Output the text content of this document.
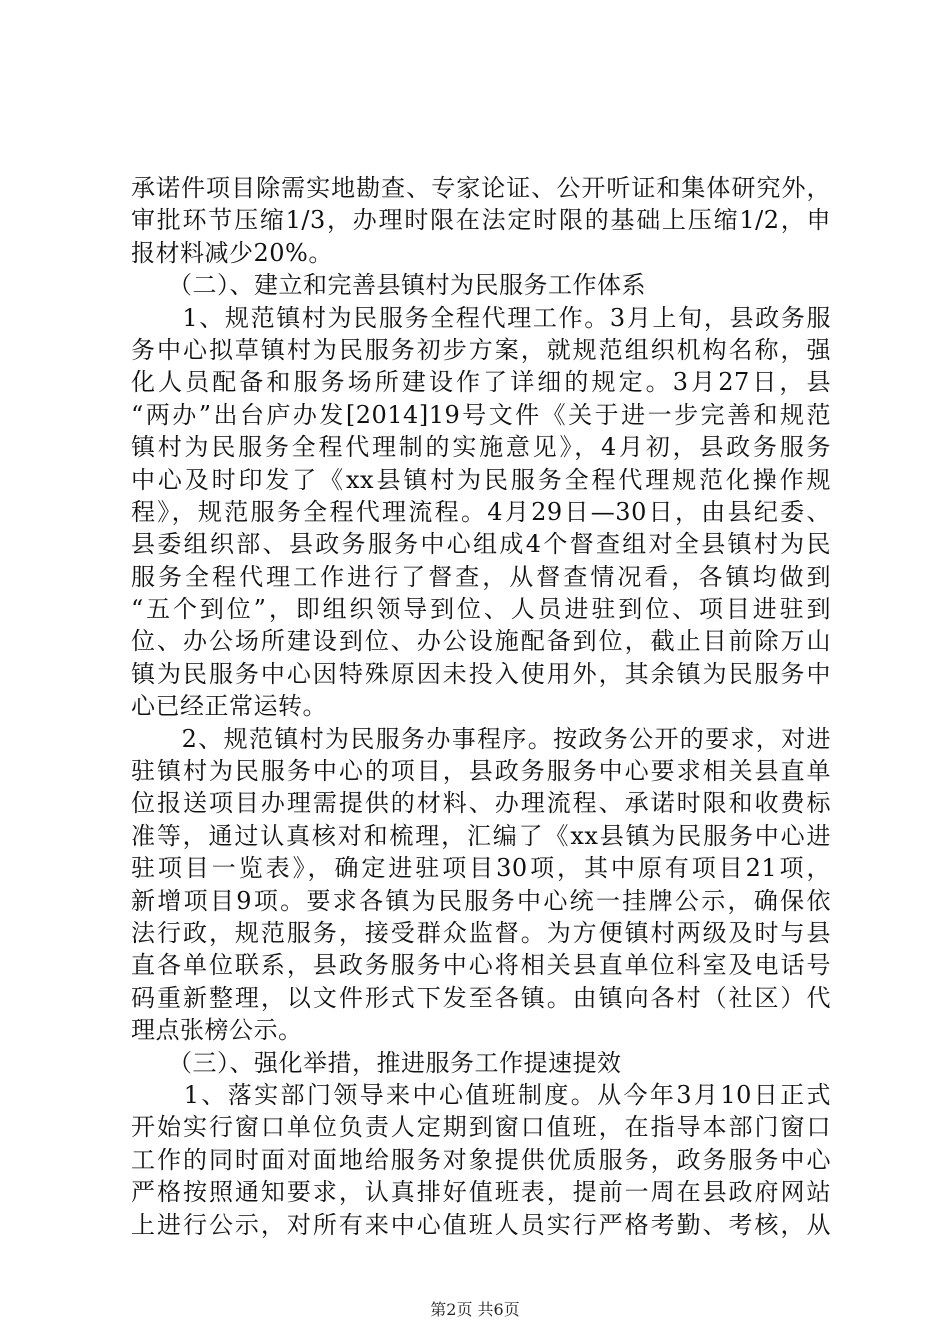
承诺件项目除需实地勘查、专家论证、公开听证和集体研究外，
审批环节压缩1/3，办理时限在法定时限的基础上压缩1/2，申
报材料减少20%。
　　（二）、建立和完善县镇村为民服务工作体系
　　1、规范镇村为民服务全程代理工作。3月上旬，县政务服
务中心拟草镇村为民服务初步方案，就规范组织机构名称，强
化人员配备和服务场所建设作了详细的规定。3月27日，县
“两办”出台庐办发[2014]19号文件《关于进一步完善和规范
镇村为民服务全程代理制的实施意见》，4月初，县政务服务
中心及时印发了《xx县镇村为民服务全程代理规范化操作规
程》，规范服务全程代理流程。4月29日—30日，由县纪委、
县委组织部、县政务服务中心组成4个督查组对全县镇村为民
服务全程代理工作进行了督查，从督查情况看，各镇均做到
“五个到位”，即组织领导到位、人员进驻到位、项目进驻到
位、办公场所建设到位、办公设施配备到位，截止目前除万山
镇为民服务中心因特殊原因未投入使用外，其余镇为民服务中
心已经正常运转。
　　2、规范镇村为民服务办事程序。按政务公开的要求，对进
驻镇村为民服务中心的项目，县政务服务中心要求相关县直单
位报送项目办理需提供的材料、办理流程、承诺时限和收费标
准等，通过认真核对和梳理，汇编了《xx县镇为民服务中心进
驻项目一览表》，确定进驻项目30项，其中原有项目21项，
新增项目9项。要求各镇为民服务中心统一挂牌公示，确保依
法行政，规范服务，接受群众监督。为方便镇村两级及时与县
直各单位联系，县政务服务中心将相关县直单位科室及电话号
码重新整理，以文件形式下发至各镇。由镇向各村（社区）代
理点张榜公示。
　　（三）、强化举措，推进服务工作提速提效
　　1、落实部门领导来中心值班制度。从今年3月10日正式
开始实行窗口单位负责人定期到窗口值班，在指导本部门窗口
工作的同时面对面地给服务对象提供优质服务，政务服务中心
严格按照通知要求，认真排好值班表，提前一周在县政府网站
上进行公示，对所有来中心值班人员实行严格考勤、考核，从
第2页 共6页
